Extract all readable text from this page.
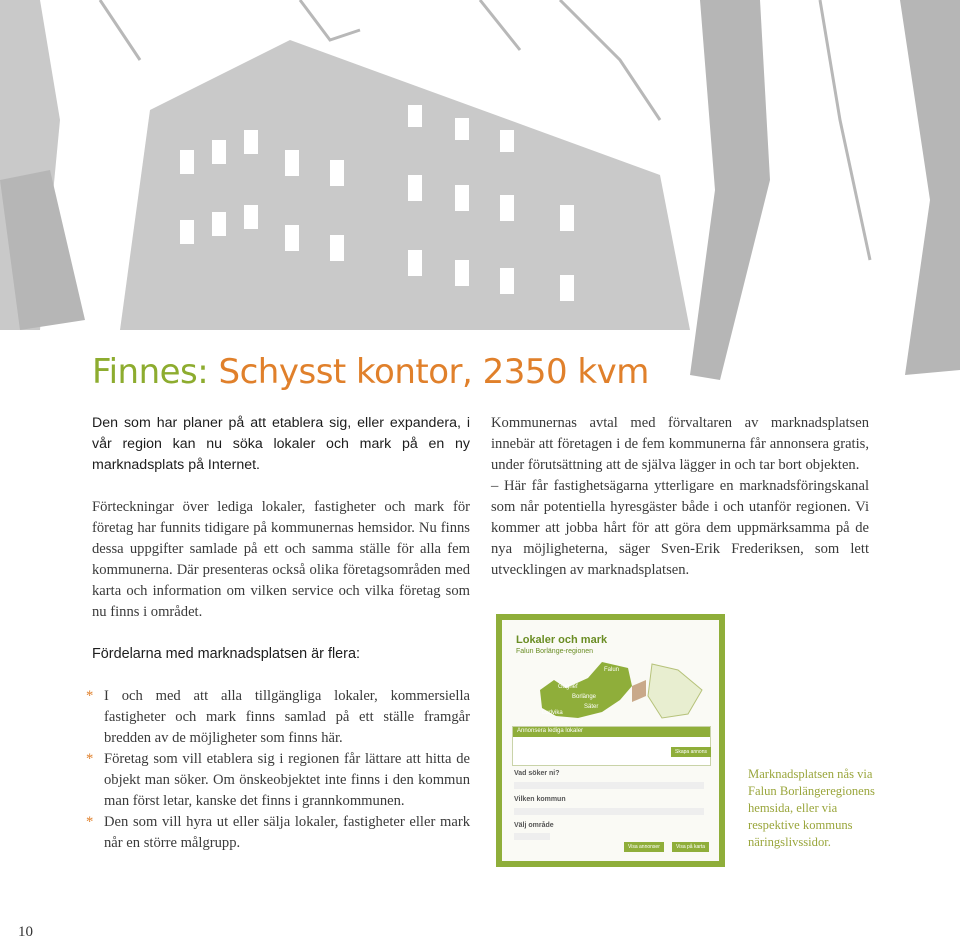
Finnes: Schysst kontor, 2350 kvm

Den som har planer på att etablera sig, eller expandera, i vår region kan nu söka lokaler och mark på en ny marknadsplats på Internet.

Förteckningar över lediga lokaler, fastigheter och mark för företag har funnits tidigare på kommunernas hemsidor. Nu finns dessa uppgifter samlade på ett och samma ställe för alla fem kommunerna. Där presenteras också olika företagsområden med karta och information om vilken service och vilka företag som nu finns i området.

Kommunernas avtal med förvaltaren av marknadsplatsen innebär att företagen i de fem kommunerna får annonsera gratis, under förutsättning att de själva lägger in och tar bort objekten.

– Här får fastighetsägarna ytterligare en marknadsföringskanal som når potentiella hyresgäster både i och utanför regionen. Vi kommer att jobba hårt för att göra dem uppmärksamma på de nya möjligheterna, säger Sven-Erik Frederiksen, som lett utvecklingen av marknadsplatsen.

Fördelarna med marknadsplatsen är flera:
* I och med att alla tillgängliga lokaler, kommersiella fastigheter och mark finns samlad på ett ställe framgår bredden av de möjligheter som finns här.
* Företag som vill etablera sig i regionen får lättare att hitta de objekt man söker. Om önskeobjektet inte finns i den kommun man först letar, kanske det finns i grannkommunen.
* Den som vill hyra ut eller sälja lokaler, fastigheter eller mark når en större målgrupp.
Lokaler och mark
Falun Borlänge-regionen
Falun
Gagnef
Borlänge
Säter
Ludvika
Annonsera lediga lokaler
Skapa annons
Vad söker ni?
Vilken kommun
Välj område
Visa annonser	Visa på karta
Marknadsplatsen nås via Falun Borlängeregionens hemsida, eller via respektive kommuns näringslivssidor.
10
